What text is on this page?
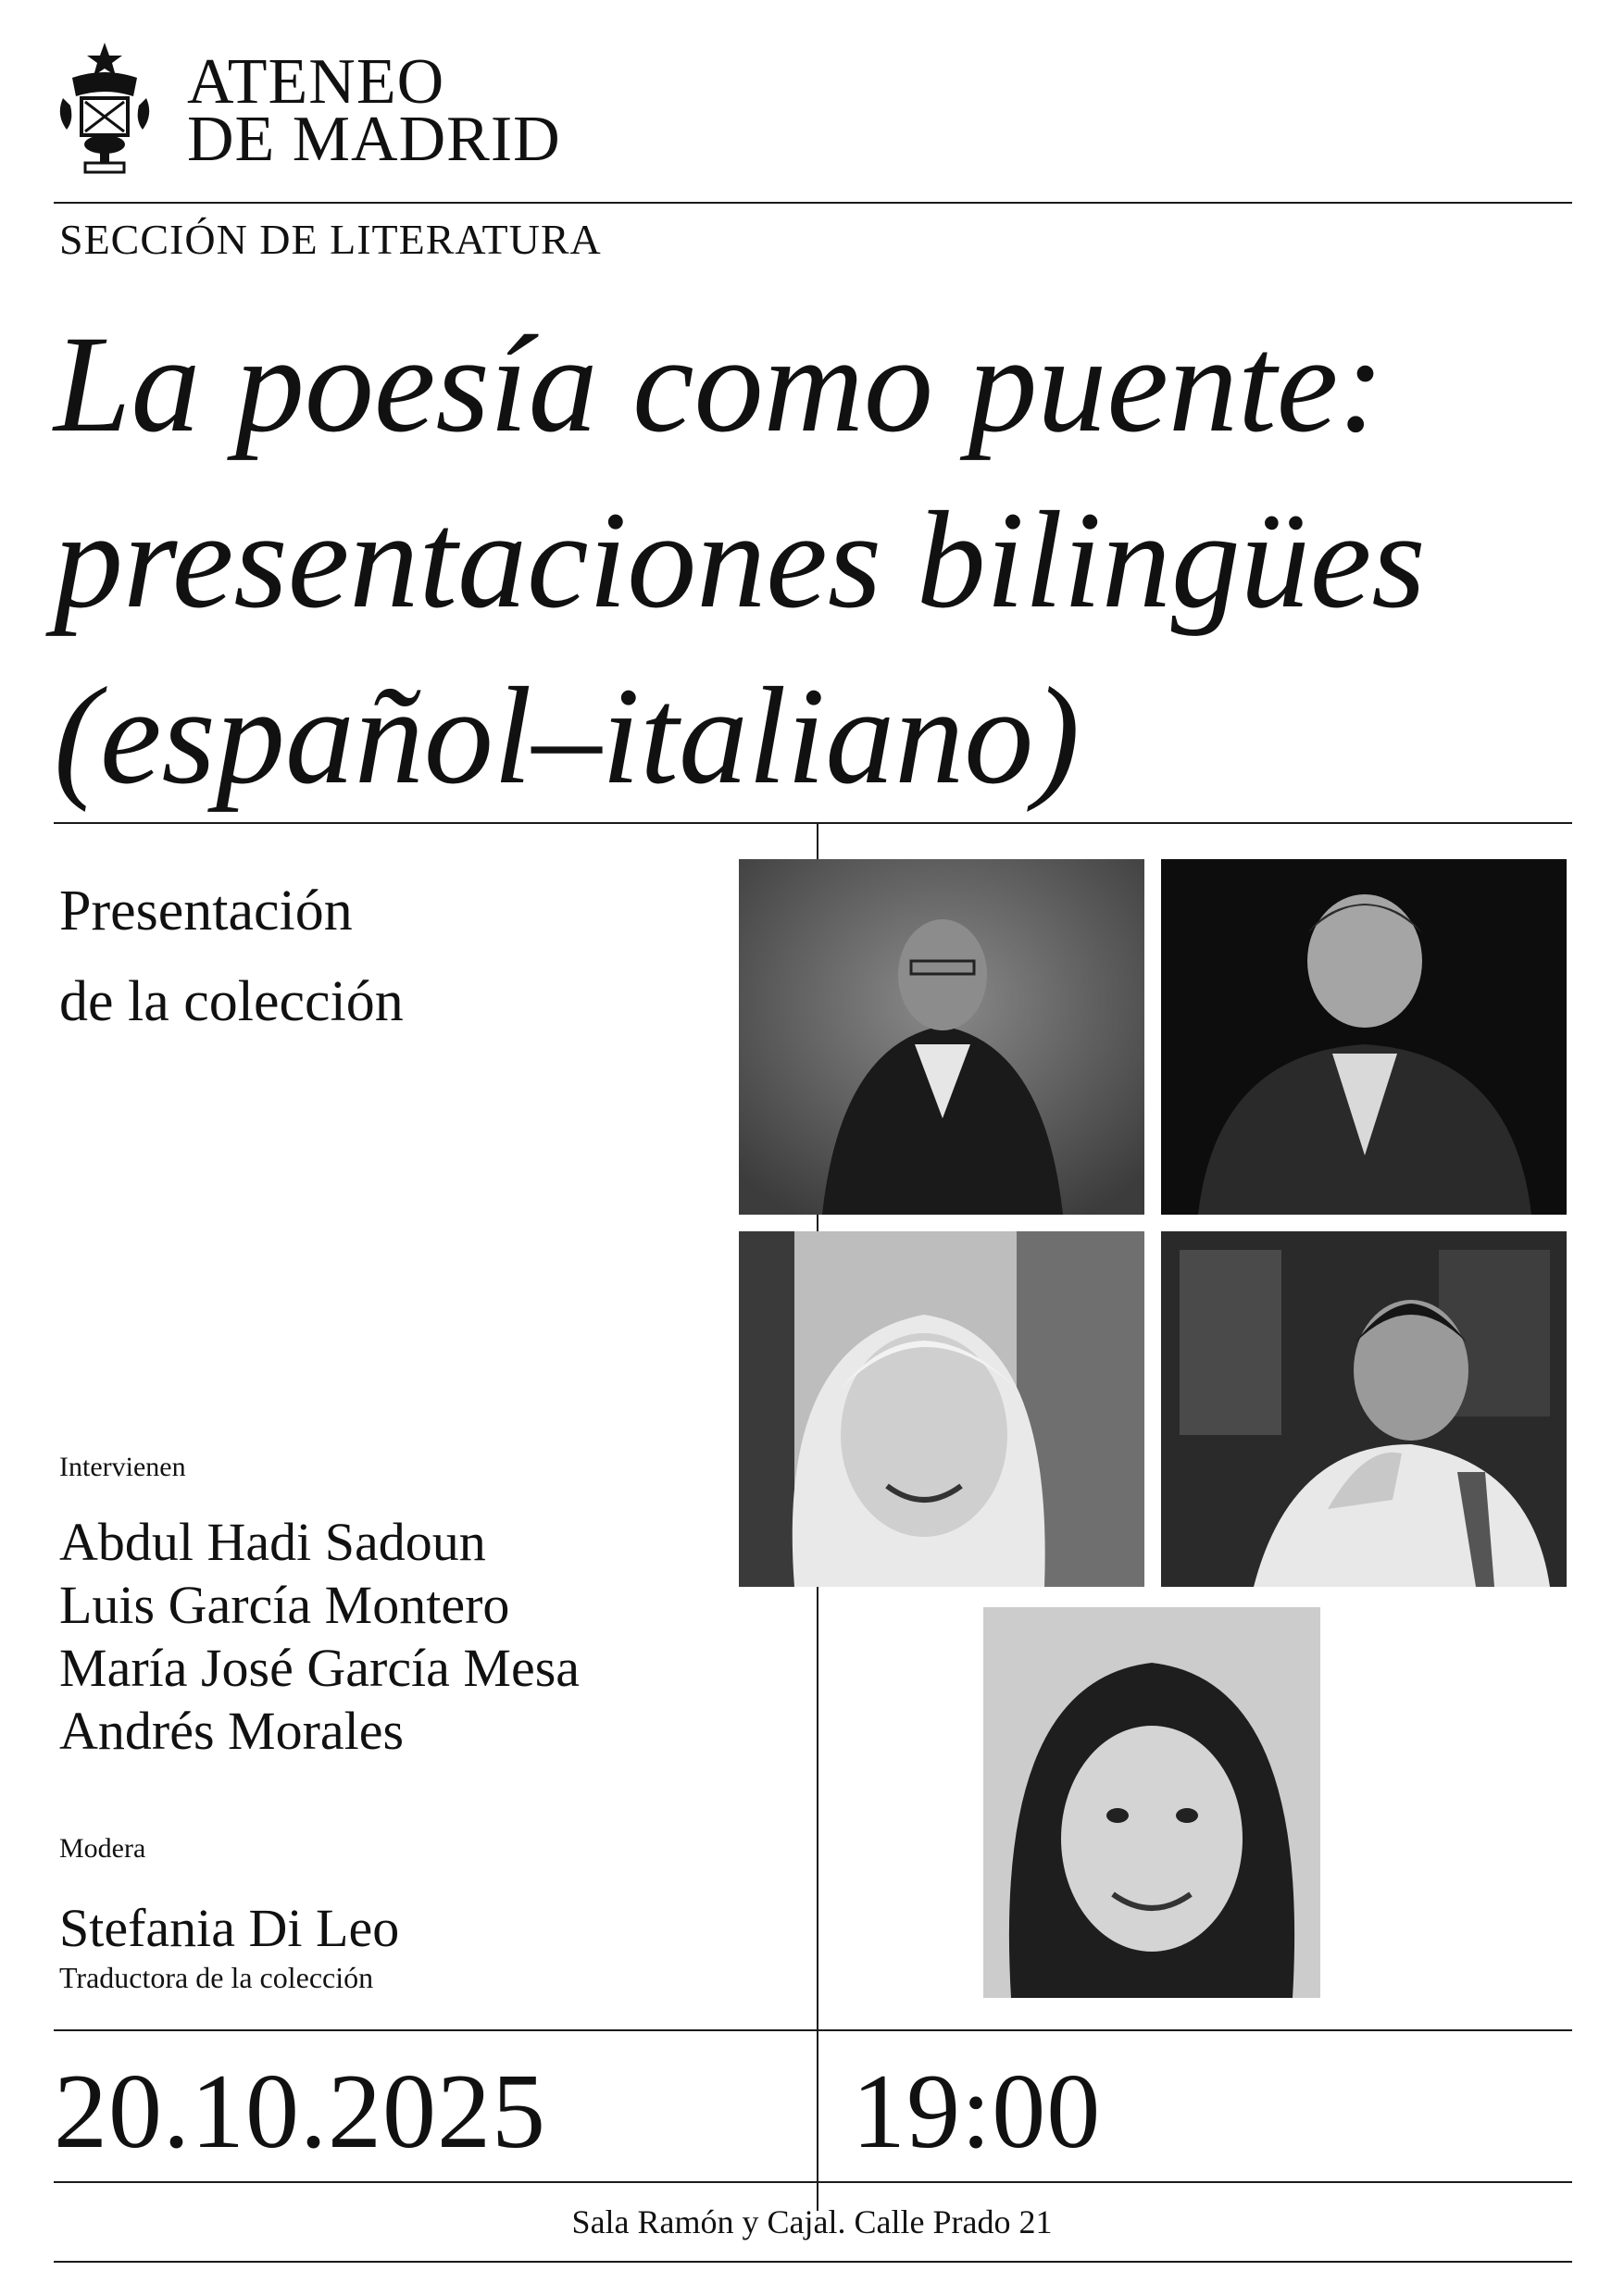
ATENEO
DE MADRID
SECCIÓN DE LITERATURA
La poesía como puente:
presentaciones bilingües
(español–italiano)
Presentación
de la colección
Intervienen
Abdul Hadi Sadoun
Luis García Montero
María José García Mesa
Andrés Morales
Modera
Stefania Di Leo
Traductora de la colección
20.10.2025	19:00
Sala Ramón y Cajal. Calle Prado 21
